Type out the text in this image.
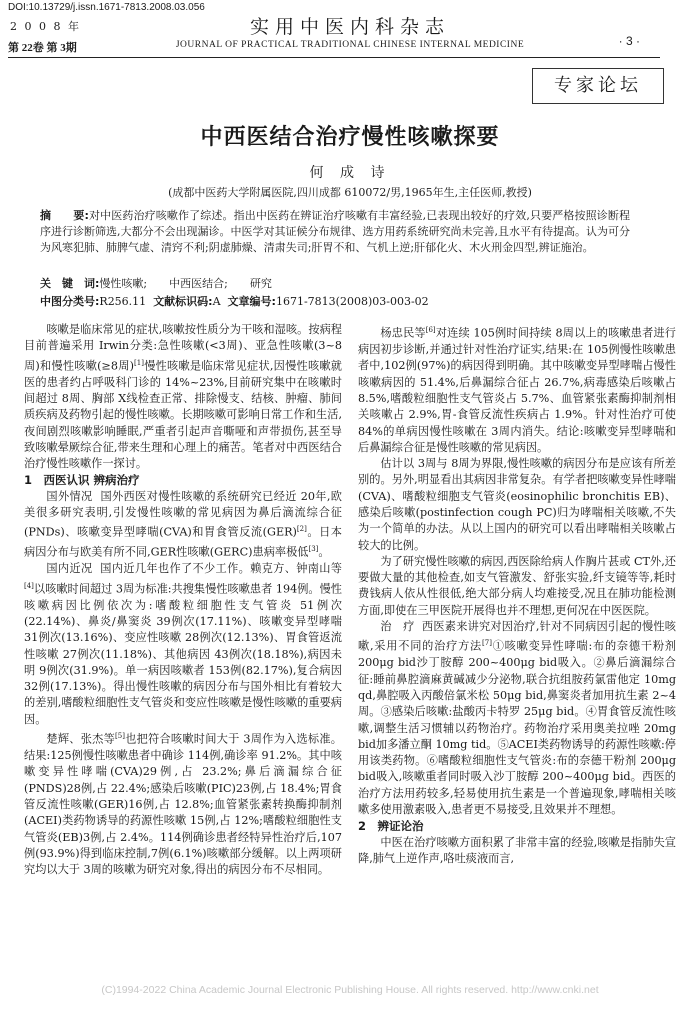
DOI:10.13729/j.issn.1671-7813.2008.03.056
2 0 0 8 年
第 22卷 第 3期
实用中医内科杂志
JOURNAL OF PRACTICAL TRADITIONAL CHINESE INTERNAL MEDICINE	· 3 ·
专家论坛
中西医结合治疗慢性咳嗽探要
何 成 诗
(成都中医药大学附属医院,四川成都 610072/男,1965年生,主任医师,教授)
摘　　要:对中医药治疗咳嗽作了综述。指出中医药在辨证治疗咳嗽有丰富经验,已表现出较好的疗效,只要严格按照诊断程序进行诊断筛选,大都分不会出现漏诊。中医学对其证候分布规律、选方用药系统研究尚未完善,且水平有待提高。认为可分为风寒犯肺、肺脾气虚、清窍不利;阴虚肺燥、清肃失司;肝胃不和、气机上逆;肝郁化火、木火刑金四型,辨证施治。
关　键　词:慢性咳嗽;　　中西医结合;　　研究
中图分类号:R256.11 文献标识码:A 文章编号:1671-7813(2008)03-003-02

咳嗽是临床常见的症状,咳嗽按性质分为干咳和湿咳。按病程目前普遍采用 Irwin分类:急性咳嗽(<3周)、亚急性咳嗽(3~8周)和慢性咳嗽(≥8周)[1]慢性咳嗽是临床常见症状,因慢性咳嗽就医的患者约占呼吸科门诊的 14%~23%,目前研究集中在咳嗽时间超过 8周、胸部 X线检查正常、排除慢支、结核、肿瘤、肺间质疾病及药物引起的慢性咳嗽。长期咳嗽可影响日常工作和生活,夜间剧烈咳嗽影响睡眠,严重者引起声音嘶哑和声带损伤,甚至导致咳嗽晕厥综合征,带来生理和心理上的痛苦。笔者对中西医结合治疗慢性咳嗽作一探讨。

1　西医认识 辨病治疗

国外情况 国外西医对慢性咳嗽的系统研究已经近 20年,欧美很多研究表明,引发慢性咳嗽的常见病因为鼻后滴流综合征(PNDs)、咳嗽变异型哮喘(CVA)和胃食管反流(GER)[2]。日本病因分布与欧美有所不同,GER性咳嗽(GERC)患病率极低[3]。

国内近况 国内近几年也作了不少工作。赖克方、钟南山等[4]以咳嗽时间超过 3周为标准:共搜集慢性咳嗽患者 194例。慢性咳嗽病因比例依次为:嗜酸粒细胞性支气管炎 51例次(22.14%)、鼻炎/鼻窦炎 39例次(17.11%)、咳嗽变异型哮喘 31例次(13.16%)、变应性咳嗽 28例次(12.13%)、胃食管返流性咳嗽 27例次(11.18%)、其他病因 43例次(18.18%),病因未明 9例次(31.9%)。单一病因咳嗽者 153例(82.17%),复合病因 32例(17.13%)。得出慢性咳嗽的病因分布与国外相比有着较大的差别,嗜酸粒细胞性支气管炎和变应性咳嗽是慢性咳嗽的重要病因。

楚辉、张杰等[5]也把符合咳嗽时间大于 3周作为入选标准。结果:125例慢性咳嗽患者中确诊 114例,确诊率 91.2%。其中咳嗽变异性哮喘(CVA)29例,占 23.2%;鼻后滴漏综合征(PNDS)28例,占 22.4%;感染后咳嗽(PIC)23例,占 18.4%;胃食管反流性咳嗽(GER)16例,占 12.8%;血管紧张素转换酶抑制剂(ACEI)类药物诱导的药源性咳嗽 15例,占 12%;嗜酸粒细胞性支气管炎(EB)3例,占 2.4%。114例确诊患者经特异性治疗后,107例(93.9%)得到临床控制,7例(6.1%)咳嗽部分缓解。以上两项研究均以大于 3周的咳嗽为研究对象,得出的病因分布不尽相同。

杨忠民等[6]对连续 105例时间持续 8周以上的咳嗽患者进行病因初步诊断,并通过针对性治疗证实,结果:在 105例慢性咳嗽患者中,102例(97%)的病因得到明确。其中咳嗽变异型哮喘占慢性咳嗽病因的 51.4%,后鼻漏综合征占 26.7%,病毒感染后咳嗽占 8.5%,嗜酸粒细胞性支气管炎占 5.7%、血管紧张素酶抑制剂相关咳嗽占 2.9%,胃-食管反流性疾病占 1.9%。针对性治疗可使 84%的单病因慢性咳嗽在 3周内消失。结论:咳嗽变异型哮喘和后鼻漏综合征是慢性咳嗽的常见病因。

估计以 3周与 8周为界限,慢性咳嗽的病因分布是应该有所差别的。另外,明显看出其病因非常复杂。有学者把咳嗽变异性哮喘(CVA)、嗜酸粒细胞支气管炎(eosinophilic bronchitis EB)、感染后咳嗽(postinfection cough PC)归为哮喘相关咳嗽,不失为一个简单的办法。从以上国内的研究可以看出哮喘相关咳嗽占较大的比例。

为了研究慢性咳嗽的病因,西医除给病人作胸片甚或 CT外,还要做大量的其他检查,如支气管激发、舒张实验,纤支镜等等,耗时费钱病人依从性很低,绝大部分病人均难接受,况且在肺功能检测方面,即使在三甲医院开展得也并不理想,更何况在中医医院。

治　疗 西医素来讲究对因治疗,针对不同病因引起的慢性咳嗽,采用不同的治疗方法[7]①咳嗽变异性哮喘:布的奈德干粉剂 200μg bid沙丁胺醇 200~400μg bid吸入。②鼻后滴漏综合征:睡前鼻腔滴麻黄碱减少分泌物,联合抗组胺药氯雷他定 10mg qd,鼻腔吸入丙酸倍氯米松 50μg bid,鼻窦炎者加用抗生素 2~4周。③感染后咳嗽:盐酸丙卡特罗 25μg bid。④胃食管反流性咳嗽,调整生活习惯辅以药物治疗。药物治疗采用奥美拉唑 20mg bid加多潘立酮 10mg tid。⑤ACEI类药物诱导的药源性咳嗽:停用该类药物。⑥嗜酸粒细胞性支气管炎:布的奈德干粉剂 200μg bid吸入,咳嗽重者同时吸入沙丁胺醇 200~400μg bid。西医的治疗方法用药较多,轻易使用抗生素是一个普遍现象,哮喘相关咳嗽多使用激素吸入,患者更不易接受,且效果并不理想。

2　辨证论治

中医在治疗咳嗽方面积累了非常丰富的经验,咳嗽是指肺失宣降,肺气上逆作声,咯吐痰液而言,

(C)1994-2022 China Academic Journal Electronic Publishing House. All rights reserved. http://www.cnki.net
